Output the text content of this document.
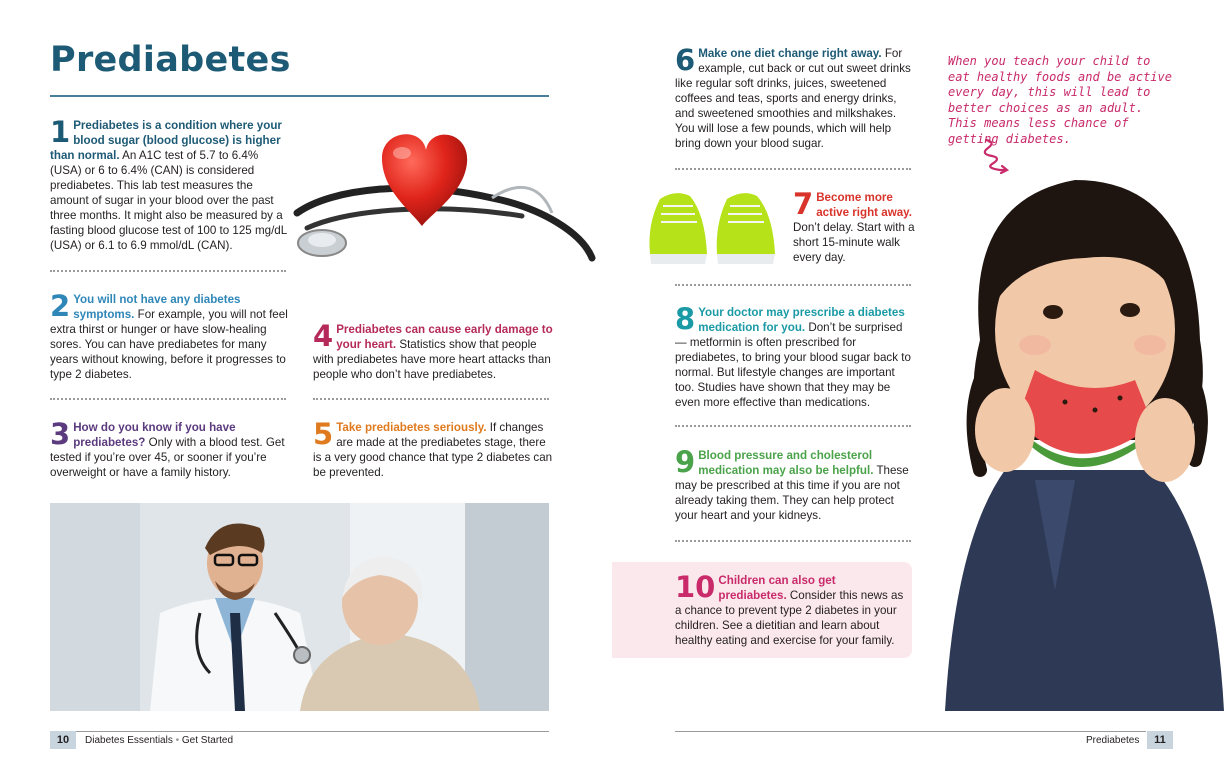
Prediabetes
1 Prediabetes is a condition where your blood sugar (blood glucose) is higher than normal. An A1C test of 5.7 to 6.4% (USA) or 6 to 6.4% (CAN) is considered prediabetes. This lab test measures the amount of sugar in your blood over the past three months. It might also be measured by a fasting blood glucose test of 100 to 125 mg/dL (USA) or 6.1 to 6.9 mmol/dL (CAN).
2 You will not have any diabetes symptoms. For example, you will not feel extra thirst or hunger or have slow-healing sores. You can have prediabetes for many years without knowing, before it progresses to type 2 diabetes.
4 Prediabetes can cause early damage to your heart. Statistics show that people with prediabetes have more heart attacks than people who don’t have prediabetes.
3 How do you know if you have prediabetes? Only with a blood test. Get tested if you’re over 45, or sooner if you’re overweight or have a family history.
5 Take prediabetes seriously. If changes are made at the prediabetes stage, there is a very good chance that type 2 diabetes can be prevented.
10	Diabetes Essentials • Get Started
6 Make one diet change right away. For example, cut back or cut out sweet drinks like regular soft drinks, juices, sweetened coffees and teas, sports and energy drinks, and sweetened smoothies and milkshakes. You will lose a few pounds, which will help bring down your blood sugar.
7 Become more active right away. Don’t delay. Start with a short 15-minute walk every day.
8 Your doctor may prescribe a diabetes medication for you. Don’t be surprised — metformin is often prescribed for prediabetes, to bring your blood sugar back to normal. But lifestyle changes are important too. Studies have shown that they may be even more effective than medications.
9 Blood pressure and cholesterol medication may also be helpful. These may be prescribed at this time if you are not already taking them. They can help protect your heart and your kidneys.
10 Children can also get prediabetes. Consider this news as a chance to prevent type 2 diabetes in your children. See a dietitian and learn about healthy eating and exercise for your family.
When you teach your child to eat healthy foods and be active every day, this will lead to better choices as an adult. This means less chance of getting diabetes.
Prediabetes	11
